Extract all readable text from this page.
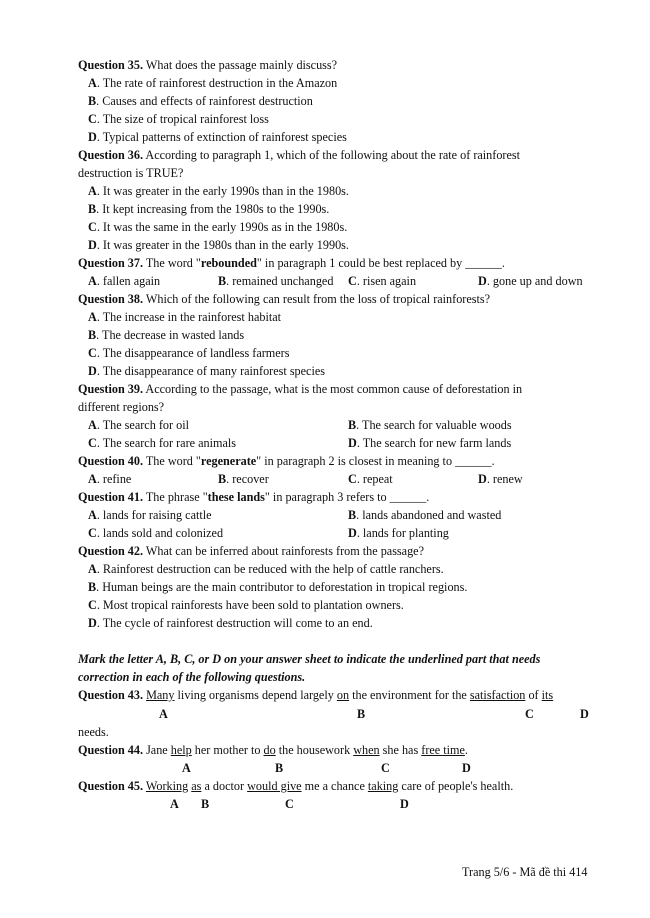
Question 35. What does the passage mainly discuss?
A. The rate of rainforest destruction in the Amazon
B. Causes and effects of rainforest destruction
C. The size of tropical rainforest loss
D. Typical patterns of extinction of rainforest species
Question 36. According to paragraph 1, which of the following about the rate of rainforest
destruction is TRUE?
A. It was greater in the early 1990s than in the 1980s.
B. It kept increasing from the 1980s to the 1990s.
C. It was the same in the early 1990s as in the 1980s.
D. It was greater in the 1980s than in the early 1990s.
Question 37. The word "rebounded" in paragraph 1 could be best replaced by ______.
A. fallen again	B. remained unchanged C. risen again	D. gone up and down
Question 38. Which of the following can result from the loss of tropical rainforests?
A. The increase in the rainforest habitat
B. The decrease in wasted lands
C. The disappearance of landless farmers
D. The disappearance of many rainforest species
Question 39. According to the passage, what is the most common cause of deforestation in
different regions?
A. The search for oil	B. The search for valuable woods
C. The search for rare animals	D. The search for new farm lands
Question 40. The word "regenerate" in paragraph 2 is closest in meaning to ______.
A. refine	B. recover	C. repeat	D. renew
Question 41. The phrase "these lands" in paragraph 3 refers to ______.
A. lands for raising cattle	B. lands abandoned and wasted
C. lands sold and colonized	D. lands for planting
Question 42. What can be inferred about rainforests from the passage?
A. Rainforest destruction can be reduced with the help of cattle ranchers.
B. Human beings are the main contributor to deforestation in tropical regions.
C. Most tropical rainforests have been sold to plantation owners.
D. The cycle of rainforest destruction will come to an end.
Mark the letter A, B, C, or D on your answer sheet to indicate the underlined part that needs
correction in each of the following questions.
Question 43. Many living organisms depend largely on the environment for the satisfaction of its
A	B	C	D
needs.
Question 44. Jane help her mother to do the housework when she has free time.
A	B	C	D
Question 45. Working as a doctor would give me a chance taking care of people's health.
A B	C	D
Trang 5/6 - Mã đề thi 414
